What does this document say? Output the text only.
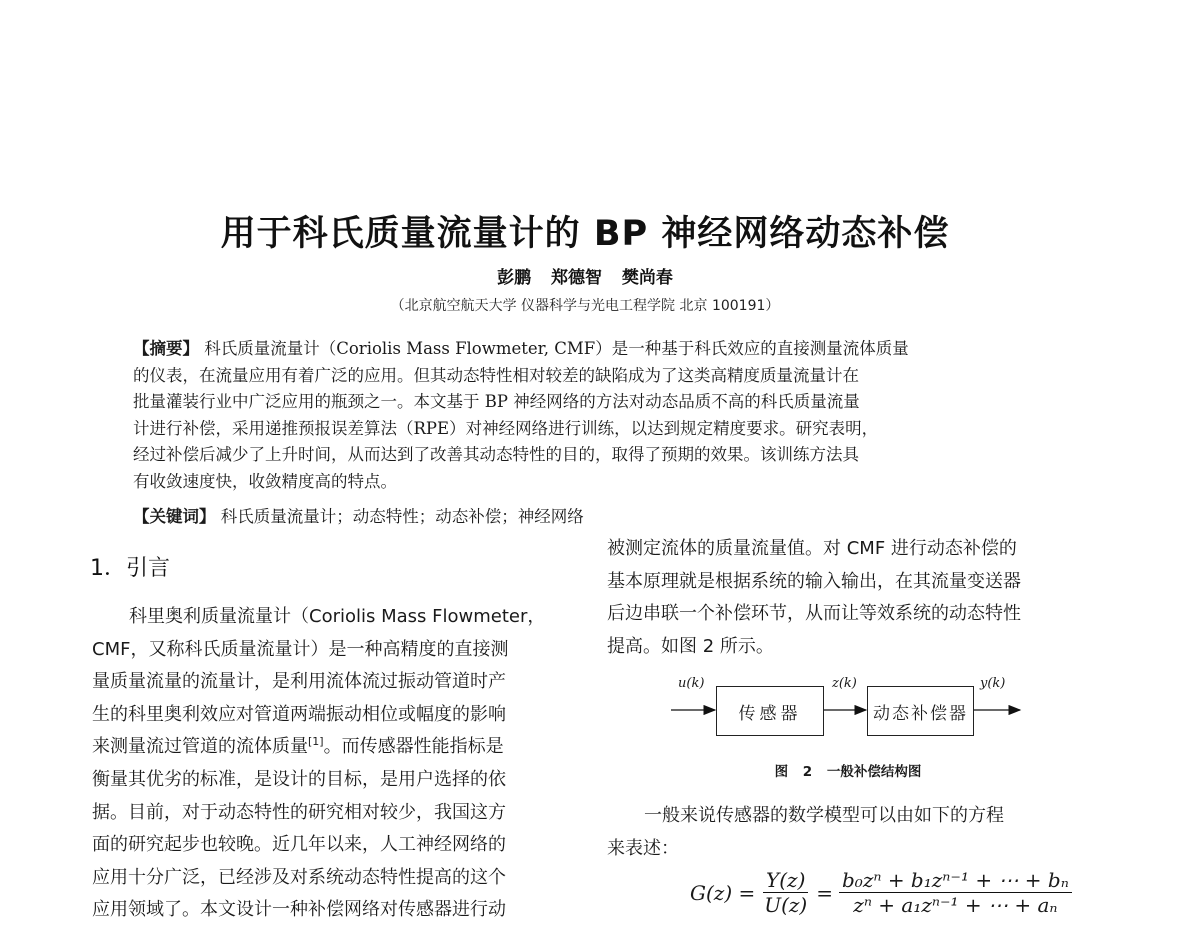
用于科氏质量流量计的 BP 神经网络动态补偿
彭鹏 郑德智 樊尚春
（北京航空航天大学 仪器科学与光电工程学院 北京 100191）
【摘要】 科氏质量流量计（Coriolis Mass Flowmeter, CMF）是一种基于科氏效应的直接测量流体质量
的仪表，在流量应用有着广泛的应用。但其动态特性相对较差的缺陷成为了这类高精度质量流量计在
批量灌装行业中广泛应用的瓶颈之一。本文基于 BP 神经网络的方法对动态品质不高的科氏质量流量
计进行补偿，采用递推预报误差算法（RPE）对神经网络进行训练，以达到规定精度要求。研究表明，
经过补偿后减少了上升时间，从而达到了改善其动态特性的目的，取得了预期的效果。该训练方法具
有收敛速度快，收敛精度高的特点。
【关键词】 科氏质量流量计；动态特性；动态补偿；神经网络
1．引言
科里奥利质量流量计（Coriolis Mass Flowmeter，
CMF，又称科氏质量流量计）是一种高精度的直接测
量质量流量的流量计，是利用流体流过振动管道时产
生的科里奥利效应对管道两端振动相位或幅度的影响
来测量流过管道的流体质量[1]。而传感器性能指标是
衡量其优劣的标准，是设计的目标，是用户选择的依
据。目前，对于动态特性的研究相对较少，我国这方
面的研究起步也较晚。近几年以来，人工神经网络的
应用十分广泛，已经涉及对系统动态特性提高的这个
应用领域了。本文设计一种补偿网络对传感器进行动
被测定流体的质量流量值。对 CMF 进行动态补偿的
基本原理就是根据系统的输入输出，在其流量变送器
后边串联一个补偿环节，从而让等效系统的动态特性
提高。如图 2 所示。
u(k)
传感器
z(k)
动态补偿器
y(k)
图 2 一般补偿结构图
一般来说传感器的数学模型可以由如下的方程
来表述：
$G(z) = \frac{Y(z)}{U(z)} = \frac{\text{b₀zⁿ + b₁zⁿ⁻¹ + ⋯ + bₙ}}{\text{zⁿ + a₁zⁿ⁻¹ + ⋯ + aₙ}}$
